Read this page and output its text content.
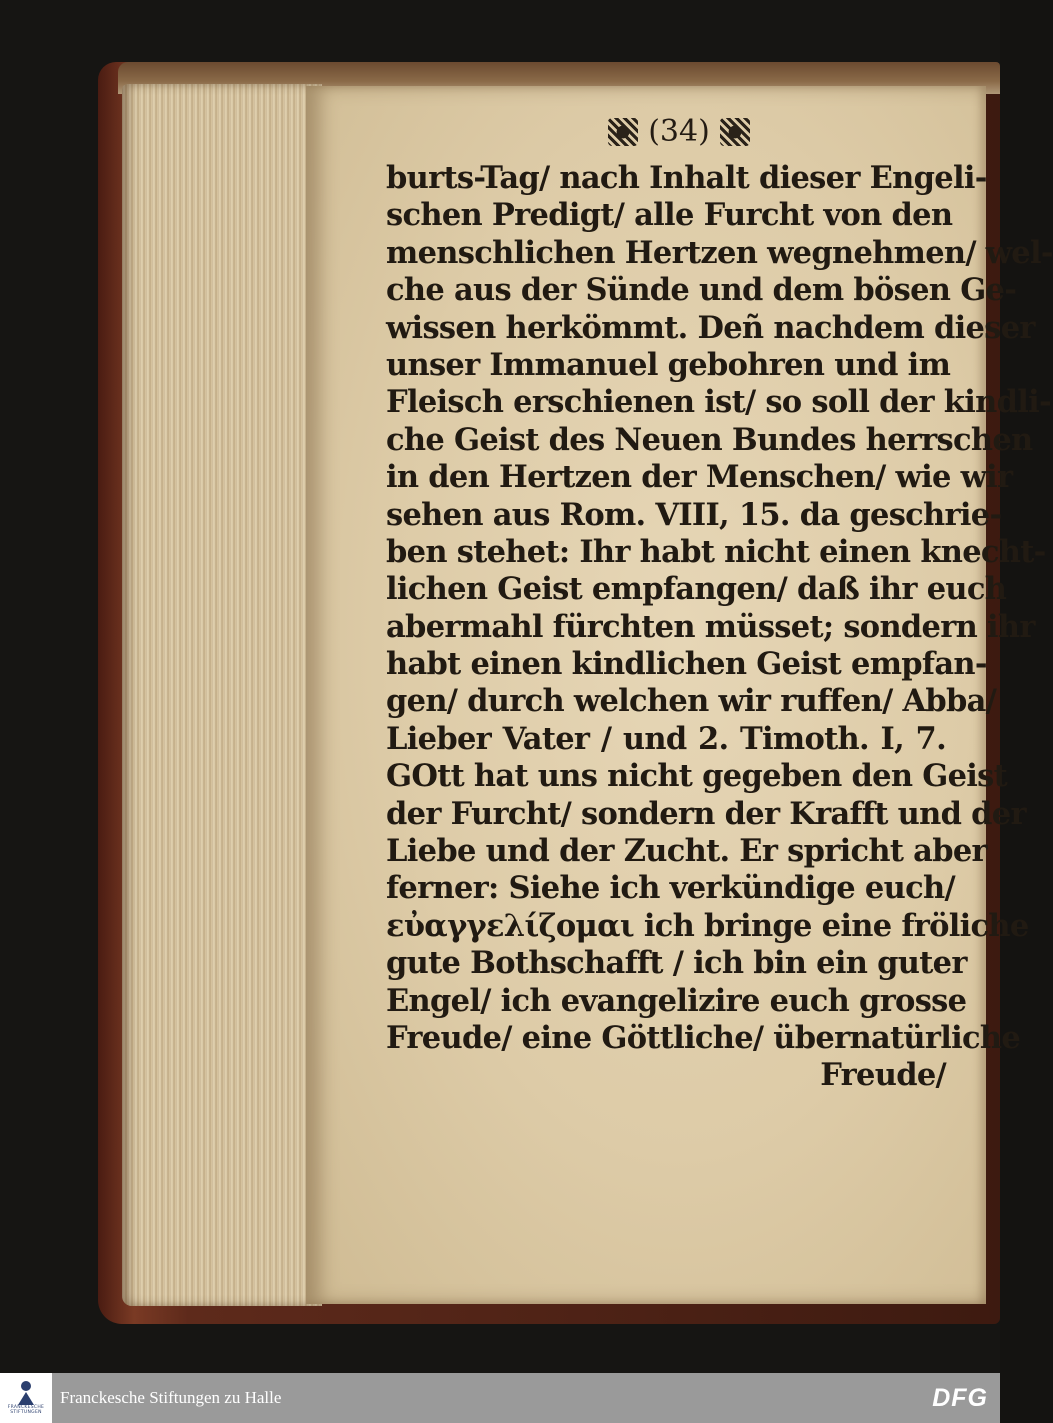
(34)
burts-Tag/ nach Inhalt dieser Engeli-
schen Predigt/ alle Furcht von den
menschlichen Hertzen wegnehmen/ wel-
che aus der Sünde und dem bösen Ge-
wissen herkömmt. Deñ nachdem dieser
unser Immanuel gebohren und im
Fleisch erschienen ist/ so soll der kindli-
che Geist des Neuen Bundes herrschen
in den Hertzen der Menschen/ wie wir
sehen aus Rom. VIII, 15. da geschrie-
ben stehet: Ihr habt nicht einen knecht-
lichen Geist empfangen/ daß ihr euch
abermahl fürchten müsset; sondern ihr
habt einen kindlichen Geist empfan-
gen/ durch welchen wir ruffen/ Abba/
Lieber Vater / und 2. Timoth. I, 7.
GOtt hat uns nicht gegeben den Geist
der Furcht/ sondern der Krafft und der
Liebe und der Zucht. Er spricht aber
ferner: Siehe ich verkündige euch/
εὐαγγελίζομαι ich bringe eine fröliche
gute Bothschafft / ich bin ein guter
Engel/ ich evangelizire euch grosse
Freude/ eine Göttliche/ übernatürliche
Freude/
FRANCKESCHE STIFTUNGEN
Franckesche Stiftungen zu Halle	DFG
